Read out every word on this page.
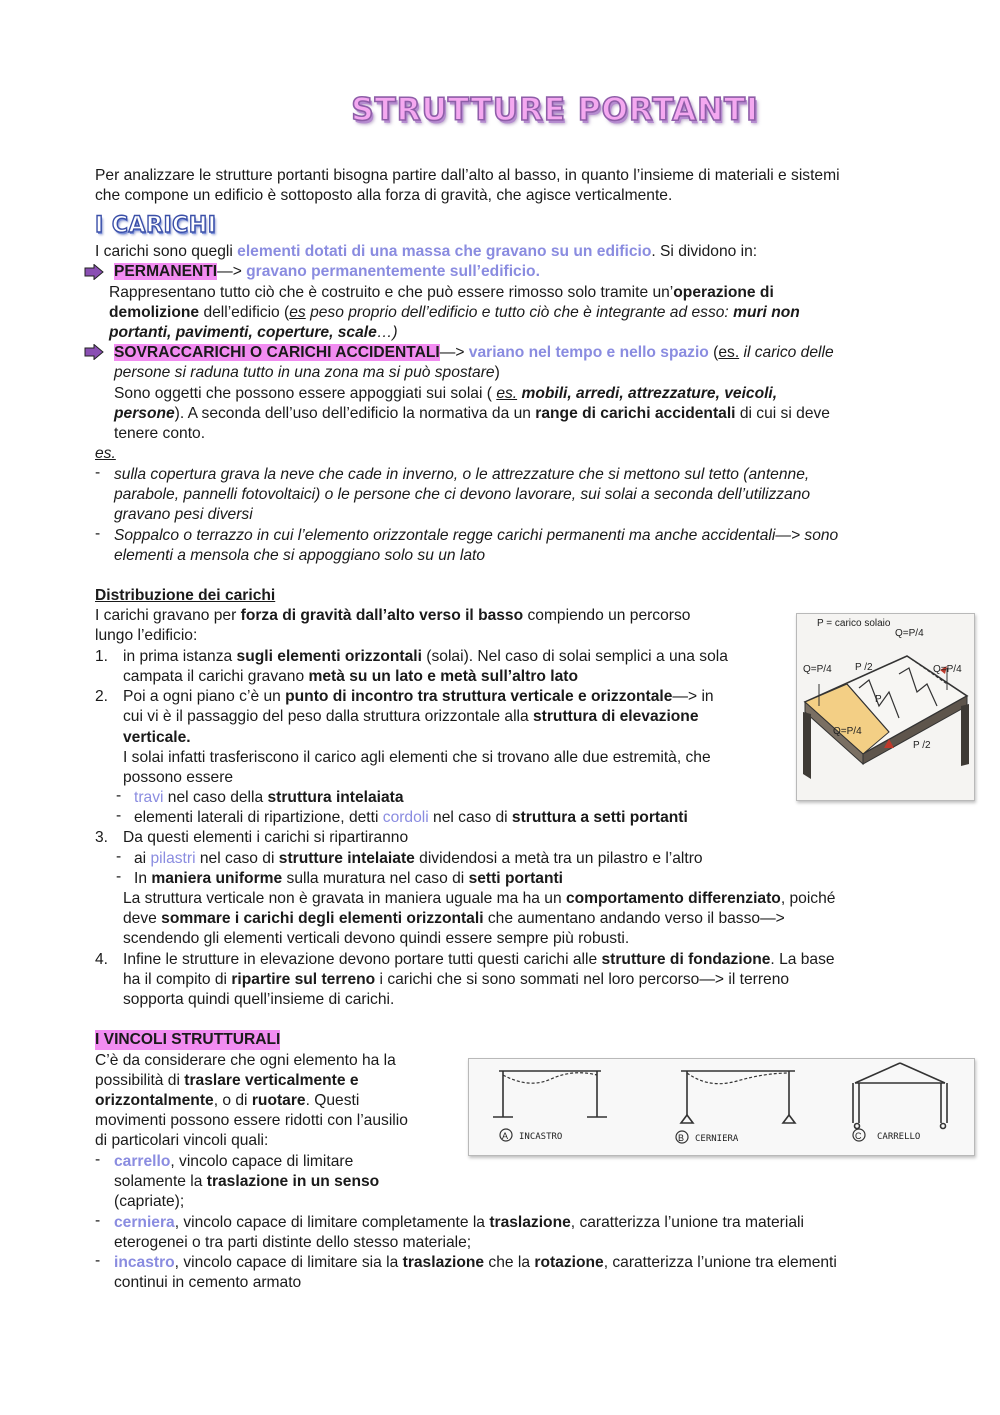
STRUTTURE PORTANTI
Per analizzare le strutture portanti bisogna partire dall’alto al basso, in quanto l’insieme di materiali e sistemi
che compone un edificio è sottoposto alla forza di gravità, che agisce verticalmente.
I CARICHI
I carichi sono quegli elementi dotati di una massa che gravano su un edificio. Si dividono in:
PERMANENTI—> gravano permanentemente sull’edificio.
Rappresentano tutto ciò che è costruito e che può essere rimosso solo tramite un’operazione di
demolizione dell’edificio (es peso proprio dell’edificio e tutto ciò che è integrante ad esso: muri non
portanti, pavimenti, coperture, scale…)
SOVRACCARICHI O CARICHI ACCIDENTALI—> variano nel tempo e nello spazio (es. il carico delle
persone si raduna tutto in una zona ma si può spostare)
Sono oggetti che possono essere appoggiati sui solai ( es. mobili, arredi, attrezzature, veicoli,
persone). A seconda dell’uso dell’edificio la normativa da un range di carichi accidentali di cui si deve
tenere conto.
es.
- sulla copertura grava la neve che cade in inverno, o le attrezzature che si mettono sul tetto (antenne,
parabole, pannelli fotovoltaici) o le persone che ci devono lavorare, sui solai a seconda dell’utilizzano
gravano pesi diversi
- Soppalco o terrazzo in cui l’elemento orizzontale regge carichi permanenti ma anche accidentali—> sono
elementi a mensola che si appoggiano solo su un lato
Distribuzione dei carichi
I carichi gravano per forza di gravità dall’alto verso il basso compiendo un percorso
lungo l’edificio:
1. in prima istanza sugli elementi orizzontali (solai). Nel caso di solai semplici a una sola
campata il carichi gravano metà su un lato e metà sull’altro lato
2. Poi a ogni piano c’è un punto di incontro tra struttura verticale e orizzontale—> in
cui vi è il passaggio del peso dalla struttura orizzontale alla struttura di elevazione
verticale.
I solai infatti trasferiscono il carico agli elementi che si trovano alle due estremità, che
possono essere
- travi nel caso della struttura intelaiata
- elementi laterali di ripartizione, detti cordoli nel caso di struttura a setti portanti
3. Da questi elementi i carichi si ripartiranno
- ai pilastri nel caso di strutture intelaiate dividendosi a metà tra un pilastro e l’altro
- In maniera uniforme sulla muratura nel caso di setti portanti
La struttura verticale non è gravata in maniera uguale ma ha un comportamento differenziato, poiché
deve sommare i carichi degli elementi orizzontali che aumentano andando verso il basso—>
scendendo gli elementi verticali devono quindi essere sempre più robusti.
4. Infine le strutture in elevazione devono portare tutti questi carichi alle strutture di fondazione. La base
ha il compito di ripartire sul terreno i carichi che si sono sommati nel loro percorso—> il terreno
sopporta quindi quell’insieme di carichi.
P = carico solaio
Q=P/4
Q=P/4	Q=P/4
Q=P/4
P /2
P /2
P
I VINCOLI STRUTTURALI
C’è da considerare che ogni elemento ha la
possibilità di traslare verticalmente e
orizzontalmente, o di ruotare. Questi
movimenti possono essere ridotti con l’ausilio
di particolari vincoli quali:
- carrello, vincolo capace di limitare
solamente la traslazione in un senso
(capriate);
- cerniera, vincolo capace di limitare completamente la traslazione, caratterizza l’unione tra materiali
eterogenei o tra parti distinte dello stesso materiale;
- incastro, vincolo capace di limitare sia la traslazione che la rotazione, caratterizza l’unione tra elementi
continui in cemento armato
A	B	C
INCASTRO	CERNIERA	CARRELLO
